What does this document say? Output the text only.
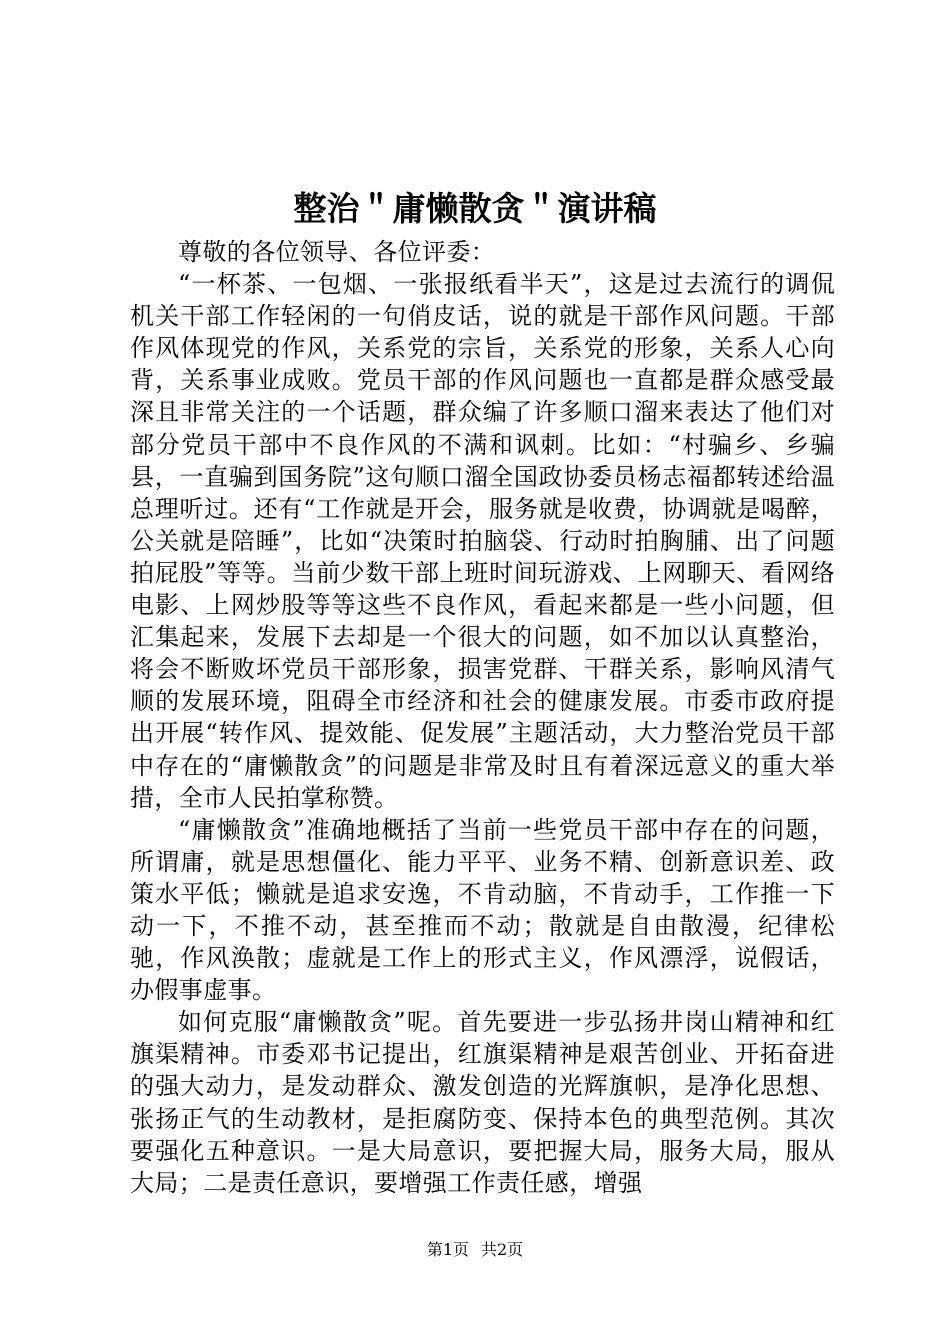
整治＂庸懒散贪＂演讲稿

尊敬的各位领导、各位评委：

“一杯茶、一包烟、一张报纸看半天”，这是过去流行的调侃机关干部工作轻闲的一句俏皮话，说的就是干部作风问题。干部作风体现党的作风，关系党的宗旨，关系党的形象，关系人心向背，关系事业成败。党员干部的作风问题也一直都是群众感受最深且非常关注的一个话题，群众编了许多顺口溜来表达了他们对部分党员干部中不良作风的不满和讽刺。比如：“村骗乡、乡骗县，一直骗到国务院”这句顺口溜全国政协委员杨志福都转述给温总理听过。还有“工作就是开会，服务就是收费，协调就是喝醉，公关就是陪睡”，比如“决策时拍脑袋、行动时拍胸脯、出了问题拍屁股”等等。当前少数干部上班时间玩游戏、上网聊天、看网络电影、上网炒股等等这些不良作风，看起来都是一些小问题，但汇集起来，发展下去却是一个很大的问题，如不加以认真整治，将会不断败坏党员干部形象，损害党群、干群关系，影响风清气顺的发展环境，阻碍全市经济和社会的健康发展。市委市政府提出开展“转作风、提效能、促发展”主题活动，大力整治党员干部中存在的“庸懒散贪”的问题是非常及时且有着深远意义的重大举措，全市人民拍掌称赞。

“庸懒散贪”准确地概括了当前一些党员干部中存在的问题，所谓庸，就是思想僵化、能力平平、业务不精、创新意识差、政策水平低；懒就是追求安逸，不肯动脑，不肯动手，工作推一下动一下，不推不动，甚至推而不动；散就是自由散漫，纪律松驰，作风涣散；虚就是工作上的形式主义，作风漂浮，说假话，办假事虚事。

如何克服“庸懒散贪”呢。首先要进一步弘扬井岗山精神和红旗渠精神。市委邓书记提出，红旗渠精神是艰苦创业、开拓奋进的强大动力，是发动群众、激发创造的光辉旗帜，是净化思想、张扬正气的生动教材，是拒腐防变、保持本色的典型范例。其次要强化五种意识。一是大局意识，要把握大局，服务大局，服从大局；二是责任意识，要增强工作责任感，增强

第1页 共2页
